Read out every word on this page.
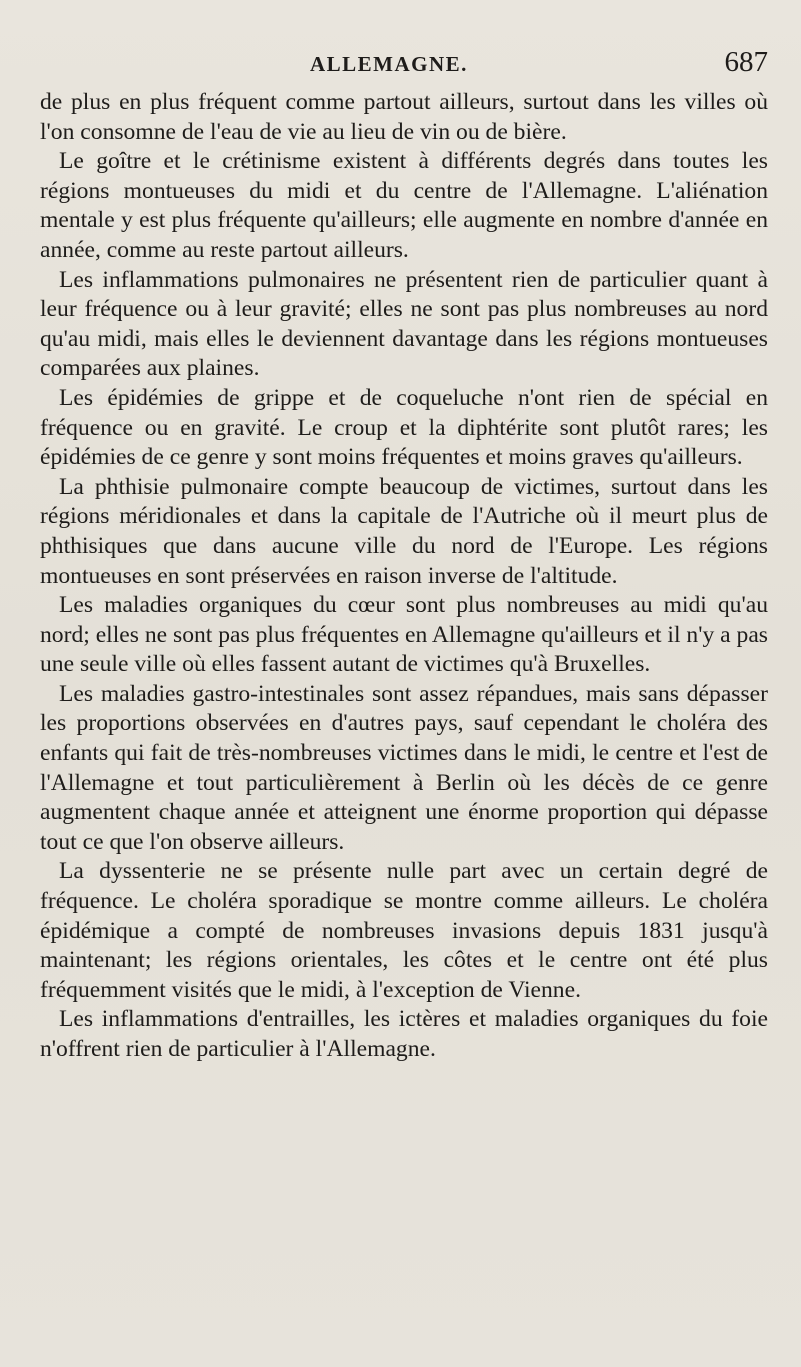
ALLEMAGNE.	687

de plus en plus fréquent comme partout ailleurs, surtout dans les villes où l'on consomne de l'eau de vie au lieu de vin ou de bière.

Le goître et le crétinisme existent à différents degrés dans toutes les régions montueuses du midi et du centre de l'Allemagne. L'aliénation mentale y est plus fréquente qu'ailleurs; elle augmente en nombre d'année en année, comme au reste partout ailleurs.

Les inflammations pulmonaires ne présentent rien de particulier quant à leur fréquence ou à leur gravité; elles ne sont pas plus nombreuses au nord qu'au midi, mais elles le deviennent davantage dans les régions montueuses comparées aux plaines.

Les épidémies de grippe et de coqueluche n'ont rien de spécial en fréquence ou en gravité. Le croup et la diphtérite sont plutôt rares; les épidémies de ce genre y sont moins fréquentes et moins graves qu'ailleurs.

La phthisie pulmonaire compte beaucoup de victimes, surtout dans les régions méridionales et dans la capitale de l'Autriche où il meurt plus de phthisiques que dans aucune ville du nord de l'Europe. Les régions montueuses en sont préservées en raison inverse de l'altitude.

Les maladies organiques du cœur sont plus nombreuses au midi qu'au nord; elles ne sont pas plus fréquentes en Allemagne qu'ailleurs et il n'y a pas une seule ville où elles fassent autant de victimes qu'à Bruxelles.

Les maladies gastro-intestinales sont assez répandues, mais sans dépasser les proportions observées en d'autres pays, sauf cependant le choléra des enfants qui fait de très-nombreuses victimes dans le midi, le centre et l'est de l'Allemagne et tout particulièrement à Berlin où les décès de ce genre augmentent chaque année et atteignent une énorme proportion qui dépasse tout ce que l'on observe ailleurs.

La dyssenterie ne se présente nulle part avec un certain degré de fréquence. Le choléra sporadique se montre comme ailleurs. Le choléra épidémique a compté de nombreuses invasions depuis 1831 jusqu'à maintenant; les régions orientales, les côtes et le centre ont été plus fréquemment visités que le midi, à l'exception de Vienne.

Les inflammations d'entrailles, les ictères et maladies organiques du foie n'offrent rien de particulier à l'Allemagne.
